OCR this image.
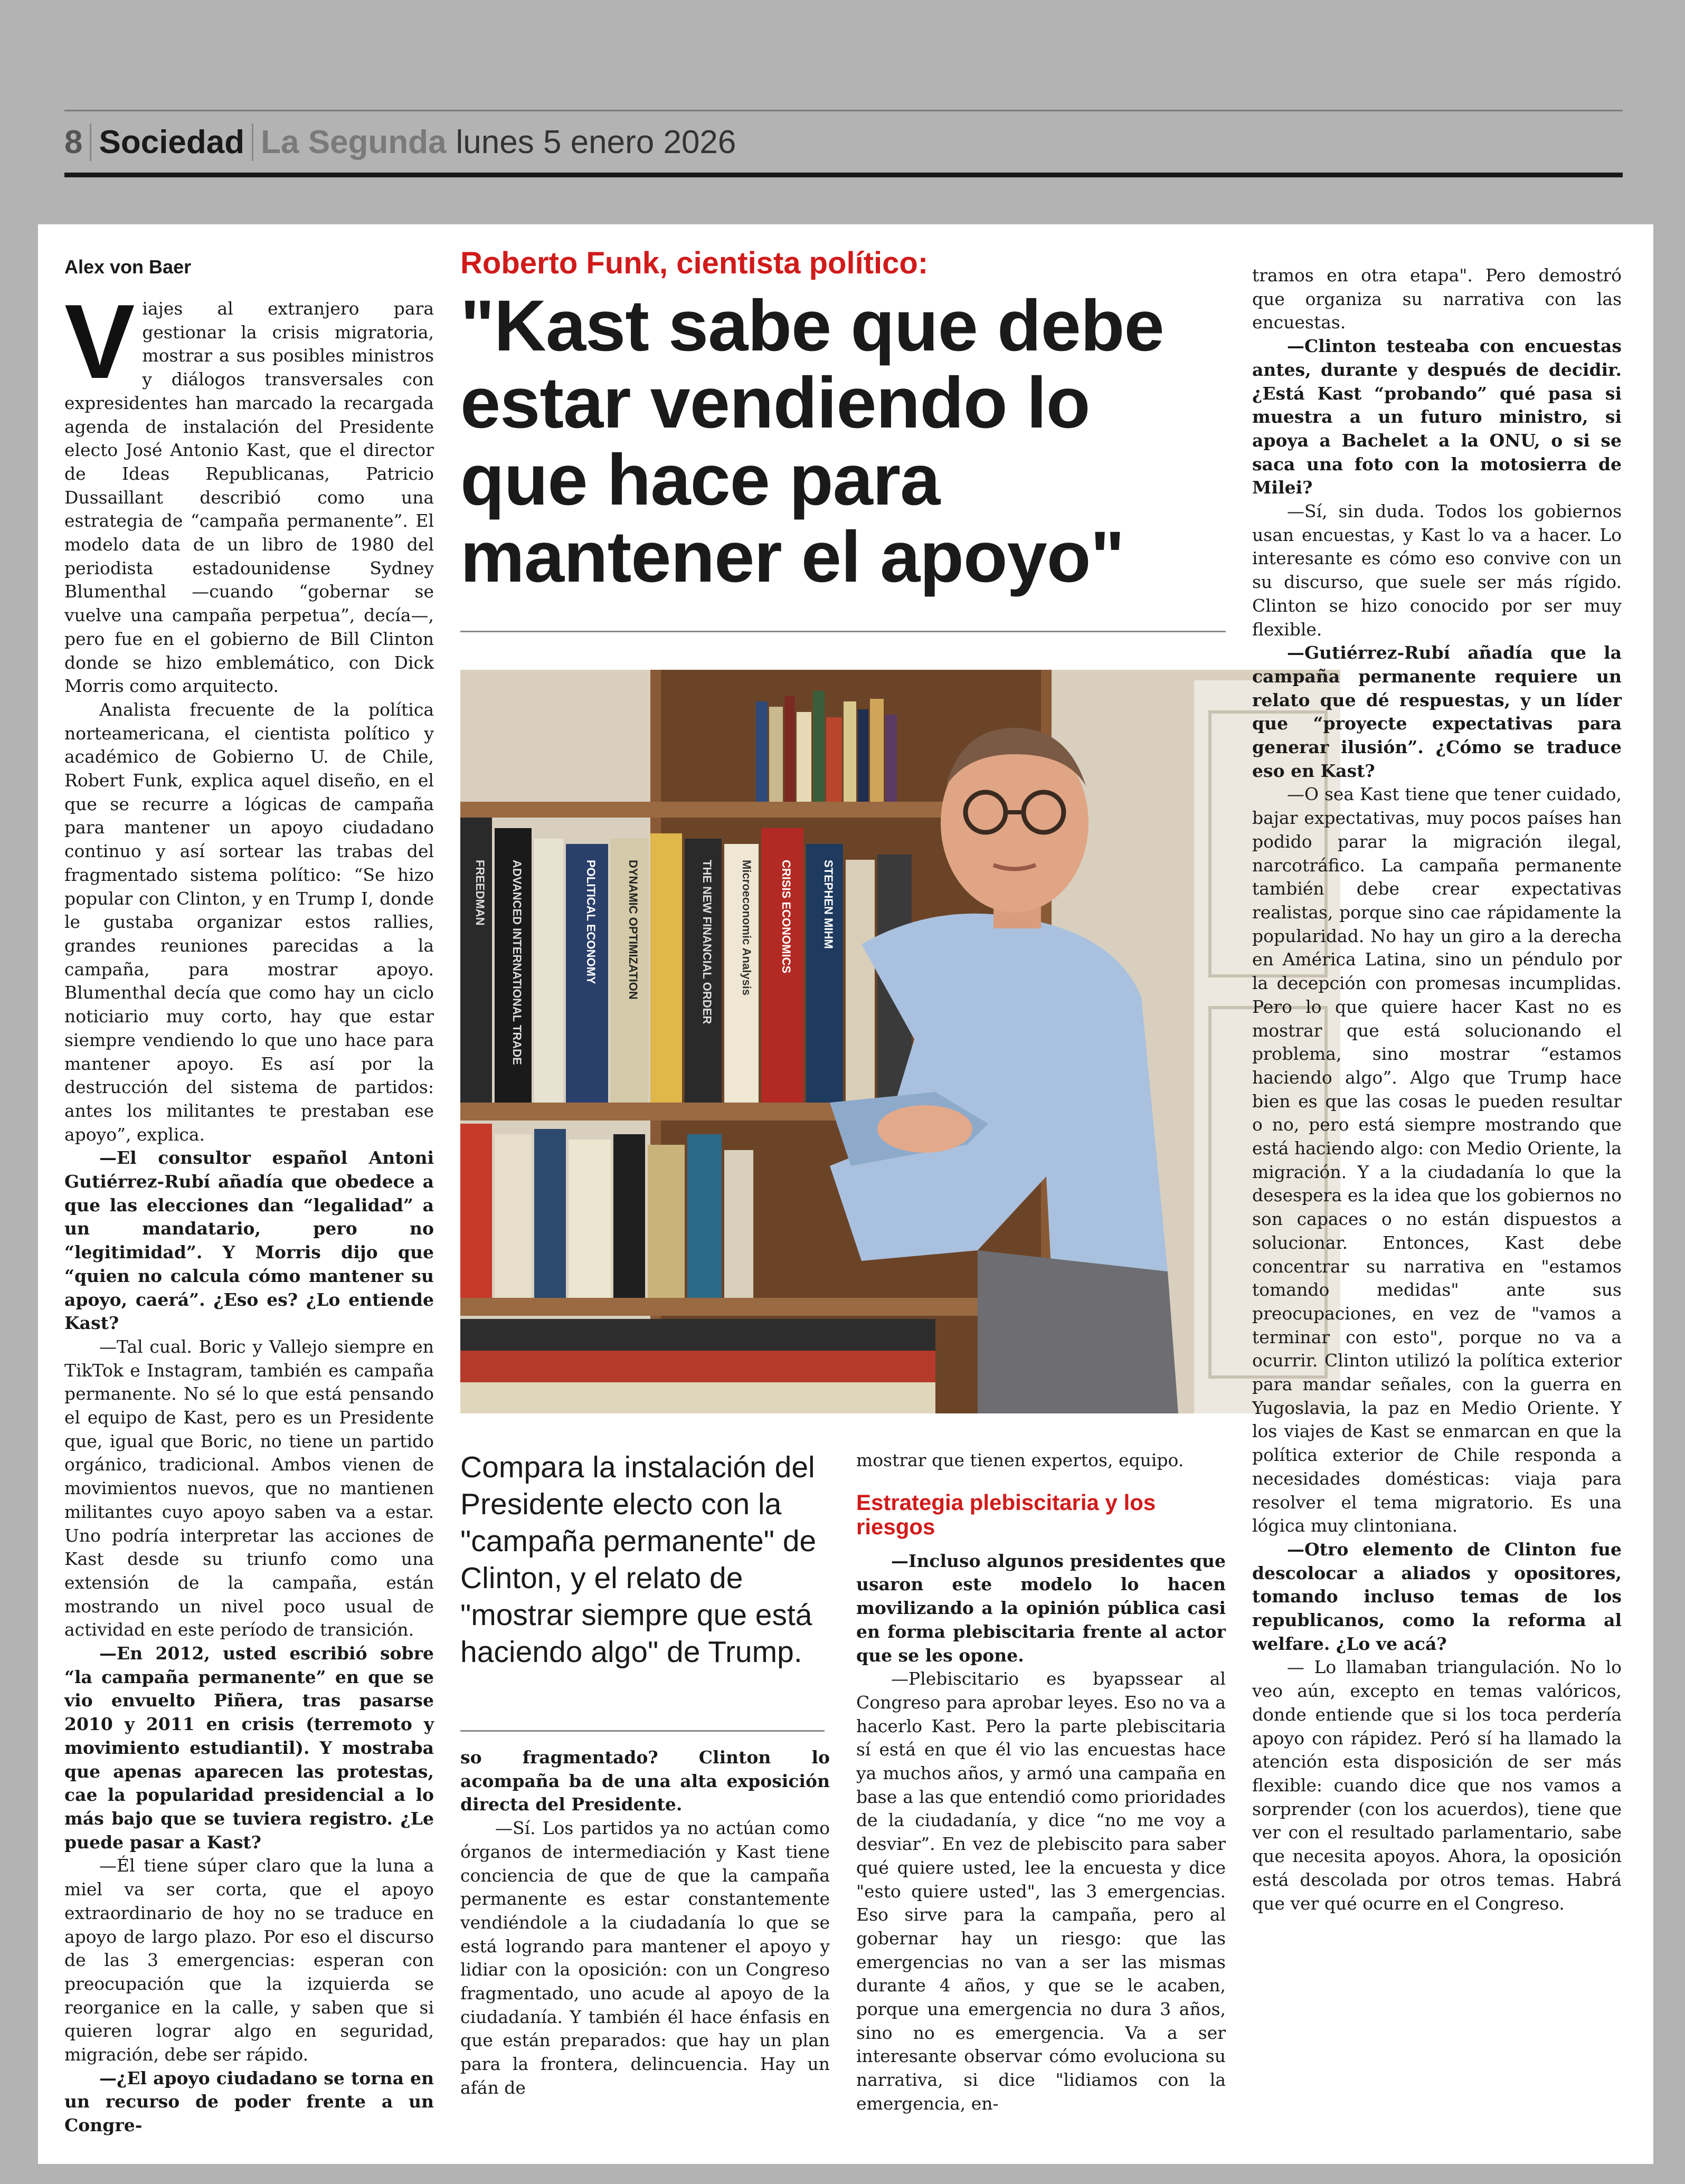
8 Sociedad La Segunda lunes 5 enero 2026
Alex von Baer

Viajes al extranjero para gestionar la crisis migratoria, mostrar a sus posibles ministros y diálogos transversales con expresidentes han marcado la recargada agenda de instalación del Presidente electo José Antonio Kast, que el director de Ideas Republicanas, Patricio Dussaillant describió como una estrategia de “campaña permanente”. El modelo data de un libro de 1980 del periodista estadounidense Sydney Blumenthal —cuando “gobernar se vuelve una campaña perpetua”, decía—, pero fue en el gobierno de Bill Clinton donde se hizo emblemático, con Dick Morris como arquitecto.

Analista frecuente de la política norteamericana, el cientista político y académico de Gobierno U. de Chile, Robert Funk, explica aquel diseño, en el que se recurre a lógicas de campaña para mantener un apoyo ciudadano continuo y así sortear las trabas del fragmentado sistema político: “Se hizo popular con Clinton, y en Trump I, donde le gustaba organizar estos rallies, grandes reuniones parecidas a la campaña, para mostrar apoyo. Blumenthal decía que como hay un ciclo noticiario muy corto, hay que estar siempre vendiendo lo que uno hace para mantener apoyo. Es así por la destrucción del sistema de partidos: antes los militantes te prestaban ese apoyo”, explica.

—El consultor español Antoni Gutiérrez-Rubí añadía que obedece a que las elecciones dan “legalidad” a un mandatario, pero no “legitimidad”. Y Morris dijo que “quien no calcula cómo mantener su apoyo, caerá”. ¿Eso es? ¿Lo entiende Kast?

—Tal cual. Boric y Vallejo siempre en TikTok e Instagram, también es campaña permanente. No sé lo que está pensando el equipo de Kast, pero es un Presidente que, igual que Boric, no tiene un partido orgánico, tradicional. Ambos vienen de movimientos nuevos, que no mantienen militantes cuyo apoyo saben va a estar. Uno podría interpretar las acciones de Kast desde su triunfo como una extensión de la campaña, están mostrando un nivel poco usual de actividad en este período de transición.

—En 2012, usted escribió sobre “la campaña permanente” en que se vio envuelto Piñera, tras pasarse 2010 y 2011 en crisis (terremoto y movimiento estudiantil). Y mostraba que apenas aparecen las protestas, cae la popularidad presidencial a lo más bajo que se tuviera registro. ¿Le puede pasar a Kast?

—Él tiene súper claro que la luna a miel va ser corta, que el apoyo extraordinario de hoy no se traduce en apoyo de largo plazo. Por eso el discurso de las 3 emergencias: esperan con preocupación que la izquierda se reorganice en la calle, y saben que si quieren lograr algo en seguridad, migración, debe ser rápido.

—¿El apoyo ciudadano se torna en un recurso de poder frente a un Congre-

Roberto Funk, cientista político:
"Kast sabe que debe estar vendiendo lo que hace para mantener el apoyo"
FREEDMAN ADVANCED INTERNATIONAL TRADE	POLITICAL ECONOMY	DYNAMIC OPTIMIZATION	THE NEW FINANCIAL ORDER Microeconomic Analysis CRISIS ECONOMICS	STEPHEN MIHM

Compara la instalación del Presidente electo con la "campaña permanente" de Clinton, y el relato de "mostrar siempre que está haciendo algo" de Trump.

so fragmentado? Clinton lo acompaña ba de una alta exposición directa del Presidente.

—Sí. Los partidos ya no actúan como órganos de intermediación y Kast tiene conciencia de que de que la campaña permanente es estar constantemente vendiéndole a la ciudadanía lo que se está logrando para mantener el apoyo y lidiar con la oposición: con un Congreso fragmentado, uno acude al apoyo de la ciudadanía. Y también él hace énfasis en que están preparados: que hay un plan para la frontera, delincuencia. Hay un afán de

mostrar que tienen expertos, equipo.

Estrategia plebiscitaria y los riesgos

—Incluso algunos presidentes que usaron este modelo lo hacen movilizando a la opinión pública casi en forma plebiscitaria frente al actor que se les opone.

—Plebiscitario es byapssear al Congreso para aprobar leyes. Eso no va a hacerlo Kast. Pero la parte plebiscitaria sí está en que él vio las encuestas hace ya muchos años, y armó una campaña en base a las que entendió como prioridades de la ciudadanía, y dice “no me voy a desviar”. En vez de plebiscito para saber qué quiere usted, lee la encuesta y dice "esto quiere usted", las 3 emergencias. Eso sirve para la campaña, pero al gobernar hay un riesgo: que las emergencias no van a ser las mismas durante 4 años, y que se le acaben, porque una emergencia no dura 3 años, sino no es emergencia. Va a ser interesante observar cómo evoluciona su narrativa, si dice "lidiamos con la emergencia, en-

tramos en otra etapa". Pero demostró que organiza su narrativa con las encuestas.

—Clinton testeaba con encuestas antes, durante y después de decidir. ¿Está Kast “probando” qué pasa si muestra a un futuro ministro, si apoya a Bachelet a la ONU, o si se saca una foto con la motosierra de Milei?

—Sí, sin duda. Todos los gobiernos usan encuestas, y Kast lo va a hacer. Lo interesante es cómo eso convive con un su discurso, que suele ser más rígido. Clinton se hizo conocido por ser muy flexible.

—Gutiérrez-Rubí añadía que la campaña permanente requiere un relato que dé respuestas, y un líder que “proyecte expectativas para generar ilusión”. ¿Cómo se traduce eso en Kast?

—O sea Kast tiene que tener cuidado, bajar expectativas, muy pocos países han podido parar la migración ilegal, narcotráfico. La campaña permanente también debe crear expectativas realistas, porque sino cae rápidamente la popularidad. No hay un giro a la derecha en América Latina, sino un péndulo por la decepción con promesas incumplidas. Pero lo que quiere hacer Kast no es mostrar que está solucionando el problema, sino mostrar “estamos haciendo algo”. Algo que Trump hace bien es que las cosas le pueden resultar o no, pero está siempre mostrando que está haciendo algo: con Medio Oriente, la migración. Y a la ciudadanía lo que la desespera es la idea que los gobiernos no son capaces o no están dispuestos a solucionar. Entonces, Kast debe concentrar su narrativa en "estamos tomando medidas" ante sus preocupaciones, en vez de "vamos a terminar con esto", porque no va a ocurrir. Clinton utilizó la política exterior para mandar señales, con la guerra en Yugoslavia, la paz en Medio Oriente. Y los viajes de Kast se enmarcan en que la política exterior de Chile responda a necesidades domésticas: viaja para resolver el tema migratorio. Es una lógica muy clintoniana.

—Otro elemento de Clinton fue descolocar a aliados y opositores, tomando incluso temas de los republicanos, como la reforma al welfare. ¿Lo ve acá?

— Lo llamaban triangulación. No lo veo aún, excepto en temas valóricos, donde entiende que si los toca perdería apoyo con rápidez. Peró sí ha llamado la atención esta disposición de ser más flexible: cuando dice que nos vamos a sorprender (con los acuerdos), tiene que ver con el resultado parlamentario, sabe que necesita apoyos. Ahora, la oposición está descolada por otros temas. Habrá que ver qué ocurre en el Congreso.
